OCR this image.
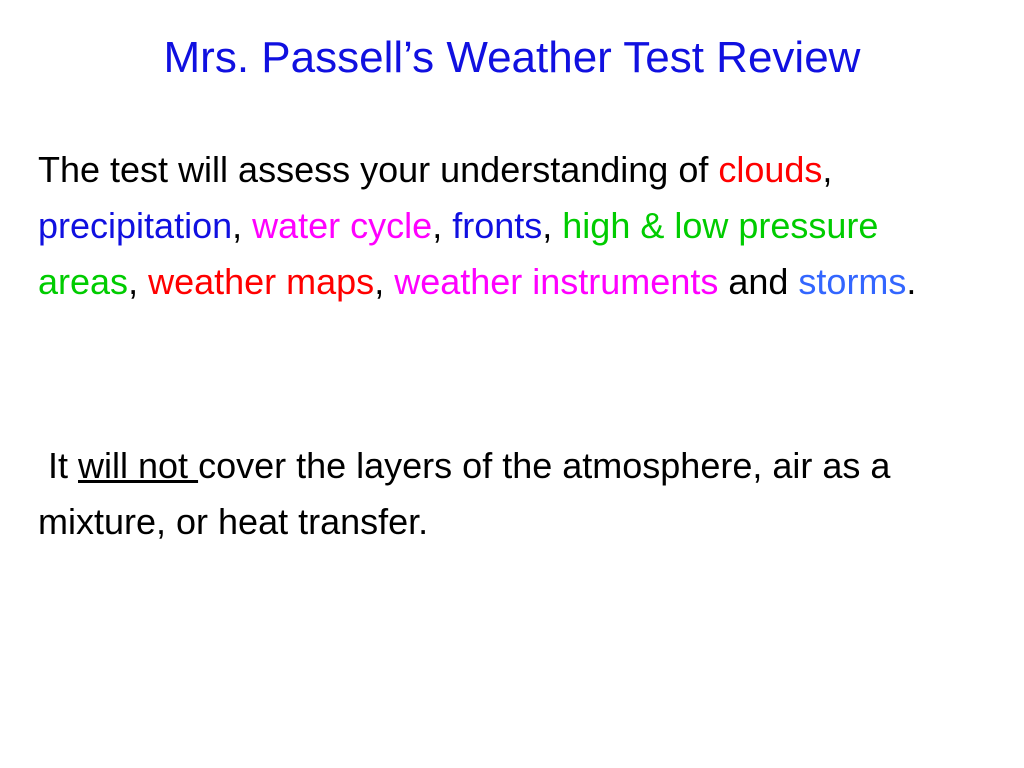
Mrs. Passell’s Weather Test Review

The test will assess your understanding of clouds, precipitation, water cycle, fronts, high & low pressure areas, weather maps, weather instruments and storms.

It will not cover the layers of the atmosphere, air as a mixture, or heat transfer.
